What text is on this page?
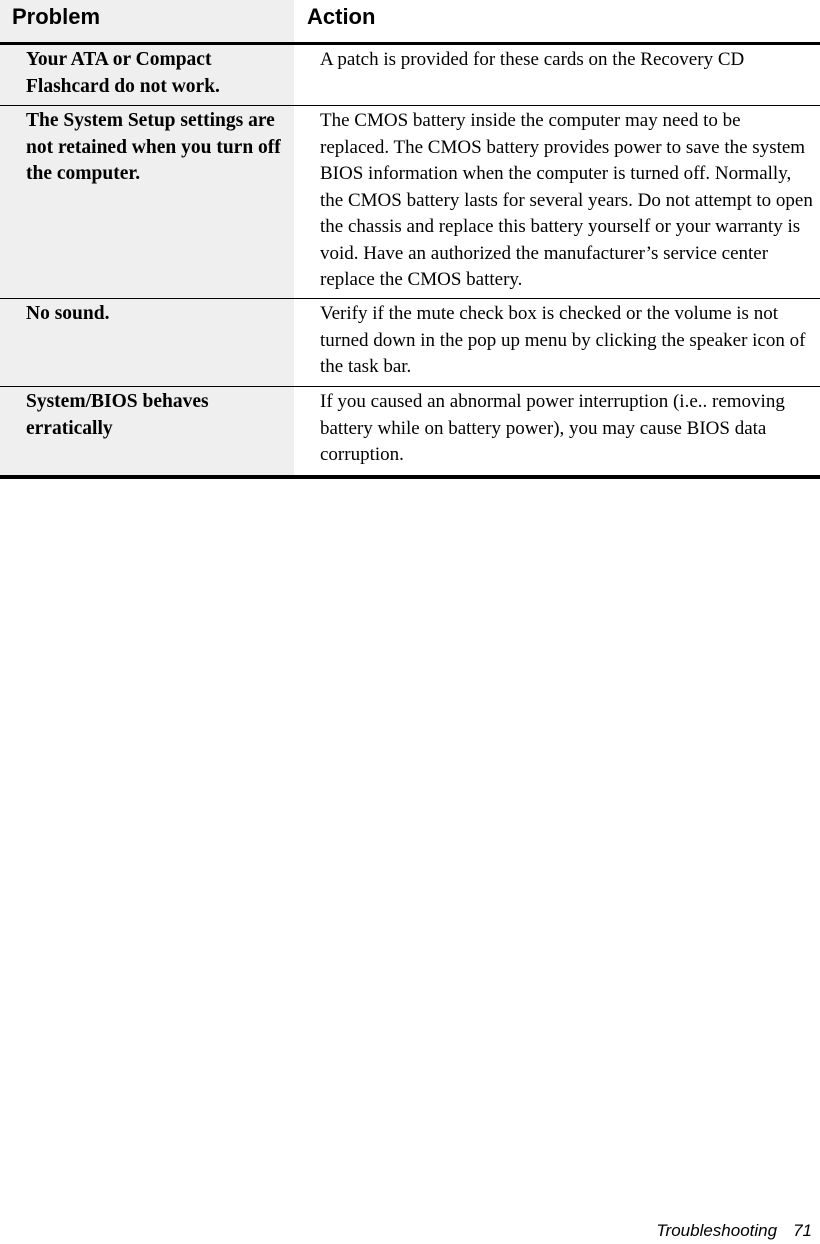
Problem	Action
Your ATA or Compact Flashcard do not work.
A patch is provided for these cards on the Recovery CD
The System Setup settings are not retained when you turn off the computer.
The CMOS battery inside the computer may need to be replaced. The CMOS battery provides power to save the system BIOS information when the computer is turned off. Normally, the CMOS battery lasts for several years. Do not attempt to open the chassis and replace this battery yourself or your warranty is void. Have an authorized the manufacturer’s service center replace the CMOS battery.
No sound.	Verify if the mute check box is checked or the volume is not turned down in the pop up menu by clicking the speaker icon of the task bar.
System/BIOS behaves erratically
If you caused an abnormal power interruption (i.e.. removing battery while on battery power), you may cause BIOS data corruption.
Troubleshooting 71
